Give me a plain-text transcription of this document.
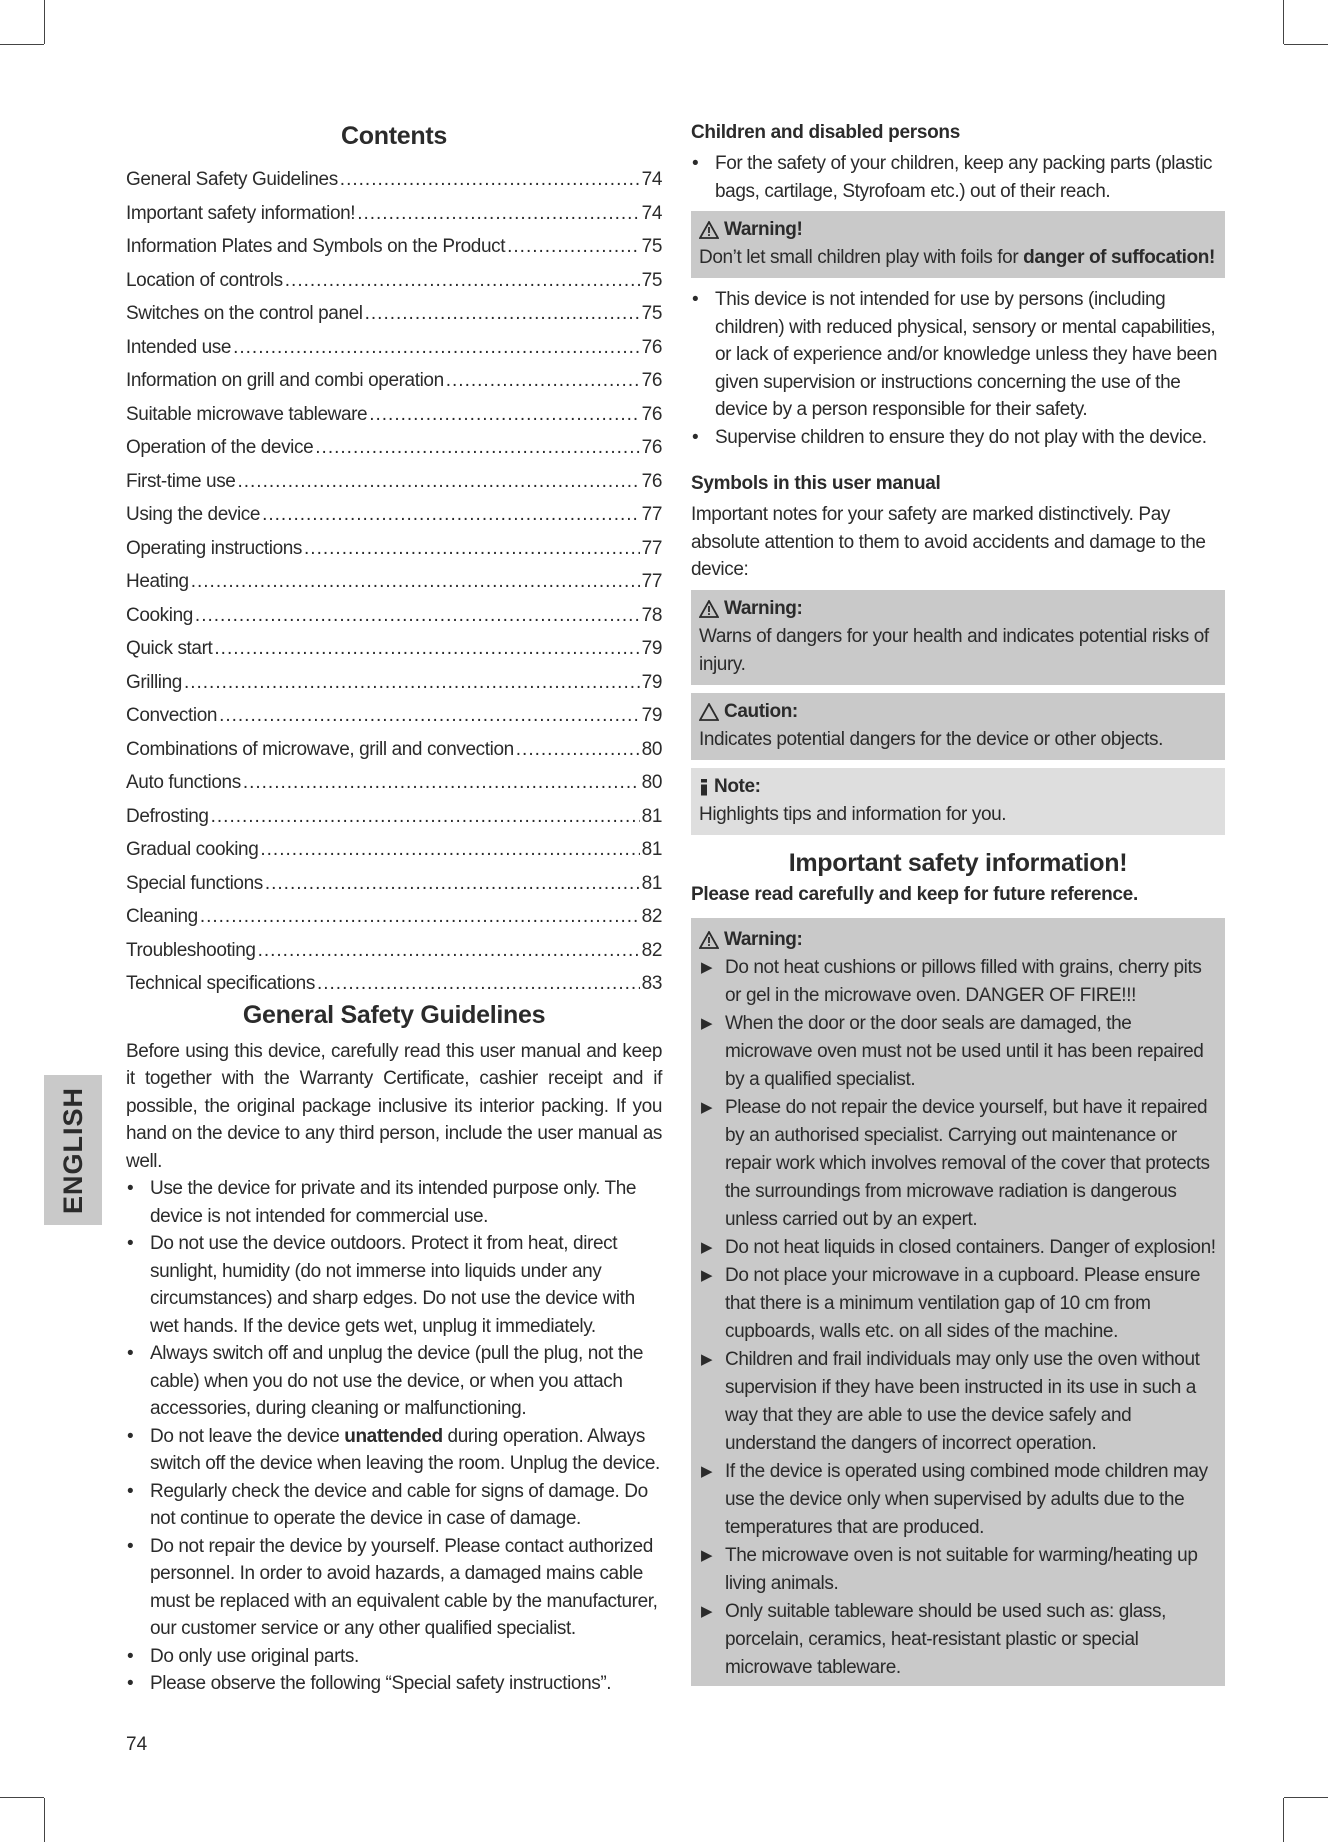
ENGLISH
Contents
General Safety Guidelines .....	74
Important safety information! .....	74
Information Plates and Symbols on the Product .....	75
Location of controls .....	75
Switches on the control panel .....	75
Intended use .....	76
Information on grill and combi operation .....	76
Suitable microwave tableware .....	76
Operation of the device .....	76
First-time use .....	76
Using the device .....	77
Operating instructions .....	77
Heating .....	77
Cooking .....	78
Quick start .....	79
Grilling .....	79
Convection .....	79
Combinations of microwave, grill and convection .....	80
Auto functions .....	80
Defrosting .....	81
Gradual cooking .....	81
Special functions .....	81
Cleaning .....	82
Troubleshooting .....	82
Technical specifications .....	83
General Safety Guidelines

Before using this device, carefully read this user manual and keep it together with the Warranty Certificate, cashier receipt and if possible, the original package inclusive its interior packing. If you hand on the device to any third person, include the user manual as well.

• Use the device for private and its intended purpose only. The device is not intended for commercial use.
• Do not use the device outdoors. Protect it from heat, direct sunlight, humidity (do not immerse into liquids under any circumstances) and sharp edges. Do not use the device with wet hands. If the device gets wet, unplug it immediately.
• Always switch off and unplug the device (pull the plug, not the cable) when you do not use the device, or when you attach accessories, during cleaning or malfunctioning.
• Do not leave the device unattended during operation. Always switch off the device when leaving the room. Unplug the device.
• Regularly check the device and cable for signs of damage. Do not continue to operate the device in case of damage.
• Do not repair the device by yourself. Please contact authorized personnel. In order to avoid hazards, a damaged mains cable must be replaced with an equivalent cable by the manufacturer, our customer service or any other qualified specialist.
• Do only use original parts.
• Please observe the following “Special safety instructions”.
Children and disabled persons
• For the safety of your children, keep any packing parts (plastic bags, cartilage, Styrofoam etc.) out of their reach.
Warning!
Don’t let small children play with foils for danger of suffocation!
• This device is not intended for use by persons (including children) with reduced physical, sensory or mental capabilities, or lack of experience and/or knowledge unless they have been given supervision or instructions concerning the use of the device by a person responsible for their safety.
• Supervise children to ensure they do not play with the device.
Symbols in this user manual

Important notes for your safety are marked distinctively. Pay absolute attention to them to avoid accidents and damage to the device:

Warning:
Warns of dangers for your health and indicates potential risks of injury.
Caution:
Indicates potential dangers for the device or other objects.
Note:
Highlights tips and information for you.
Important safety information!
Please read carefully and keep for future reference.
Warning:
▶ Do not heat cushions or pillows filled with grains, cherry pits or gel in the microwave oven. DANGER OF FIRE!!!
▶ When the door or the door seals are damaged, the microwave oven must not be used until it has been repaired by a qualified specialist.
▶ Please do not repair the device yourself, but have it repaired by an authorised specialist. Carrying out maintenance or repair work which involves removal of the cover that protects the surroundings from microwave radiation is dangerous unless carried out by an expert.
▶ Do not heat liquids in closed containers. Danger of explosion!
▶ Do not place your microwave in a cupboard. Please ensure that there is a minimum ventilation gap of 10 cm from cupboards, walls etc. on all sides of the machine.
▶ Children and frail individuals may only use the oven without supervision if they have been instructed in its use in such a way that they are able to use the device safely and understand the dangers of incorrect operation.
▶ If the device is operated using combined mode children may use the device only when supervised by adults due to the temperatures that are produced.
▶ The microwave oven is not suitable for warming/heating up living animals.
▶ Only suitable tableware should be used such as: glass, porcelain, ceramics, heat-resistant plastic or special microwave tableware.
74
